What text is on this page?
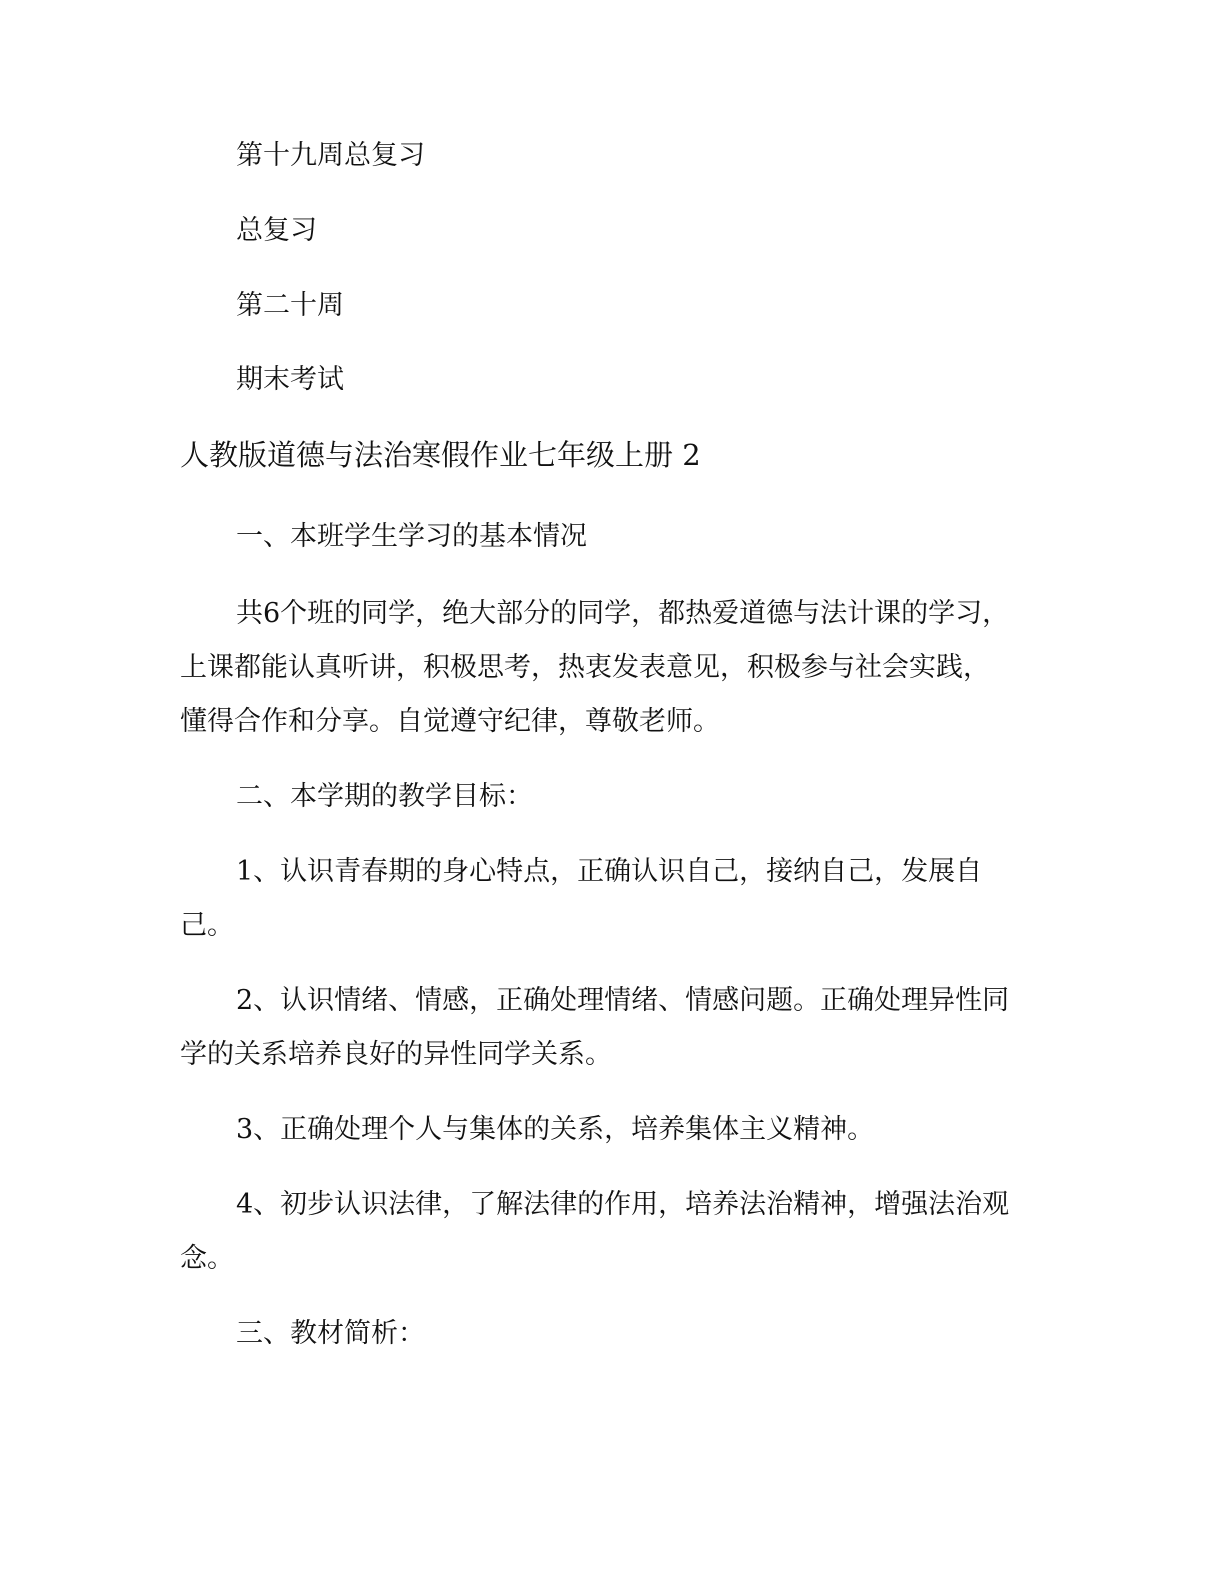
第十九周总复习
总复习
第二十周
期末考试
人教版道德与法治寒假作业七年级上册 2
一、本班学生学习的基本情况
共6个班的同学，绝大部分的同学，都热爱道德与法计课的学习，
上课都能认真听讲，积极思考，热衷发表意见，积极参与社会实践，
懂得合作和分享。自觉遵守纪律，尊敬老师。
二、本学期的教学目标：
1、认识青春期的身心特点，正确认识自己，接纳自己，发展自
己。
2、认识情绪、情感，正确处理情绪、情感问题。正确处理异性同
学的关系培养良好的异性同学关系。
3、正确处理个人与集体的关系，培养集体主义精神。
4、初步认识法律，了解法律的作用，培养法治精神，增强法治观
念。
三、教材简析：
